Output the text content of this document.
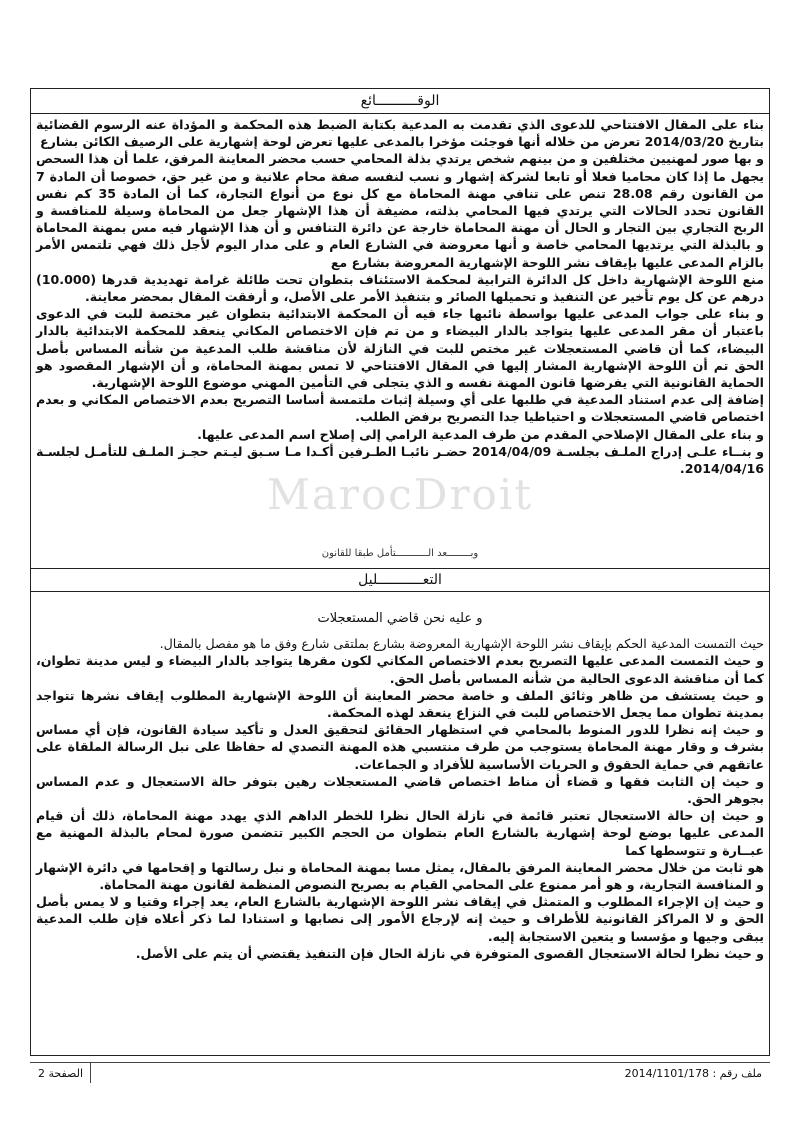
الوقــــــــــائع

بناء على المقال الافتتاحي للدعوى الذي تقدمت به المدعية بكتابة الضبط هذه المحكمة و المؤداة عنه الرسوم القضائية بتاريخ 2014/03/20 تعرض من خلاله أنها فوجئت مؤخرا بالمدعى عليها تعرض لوحة إشهارية على الرصيف الكائن بشارع

و بها صور لمهنيين مختلفين و من بينهم شخص يرتدي بذلة المحامي حسب محضر المعاينة المرفق، علما أن هذا السحص يجهل ما إذا كان محاميا فعلا أو تابعا لشركة إشهار و نسب لنفسه صفة محام علانية و من غير حق، خصوصا أن المادة 7 من القانون رقم 28.08 تنص على تنافي مهنة المحاماة مع كل نوع من أنواع التجارة، كما أن المادة 35 كم نفس القانون تحدد الحالات التي يرتدي فيها المحامي بذلته، مضيفة أن هذا الإشهار جعل من المحاماة وسيلة للمنافسة و الربح التجاري بين التجار و الحال أن مهنة المحاماة خارجة عن دائرة التنافس و أن هذا الإشهار فيه مس بمهنة المحاماة و بالبذلة التي يرتديها المحامي خاصة و أنها معروضة في الشارع العام و على مدار اليوم لأجل ذلك فهي تلتمس الأمر بالزام المدعى عليها بإيقاف نشر اللوحة الإشهارية المعروضة بشارع مع

منع اللوحة الإشهارية داخل كل الدائرة الترابية لمحكمة الاستئناف بتطوان تحت طائلة غرامة تهديدية قدرها (10.000) درهم عن كل يوم تأخير عن التنفيذ و تحميلها الصائر و بتنفيذ الأمر على الأصل، و أرفقت المقال بمحضر معاينة.

و بناء على جواب المدعى عليها بواسطة نائبها جاء فيه أن المحكمة الابتدائية بتطوان غير مختصة للبت في الدعوى باعتبار أن مقر المدعى عليها يتواجد بالدار البيضاء و من تم فإن الاختصاص المكاني ينعقد للمحكمة الابتدائية بالدار البيضاء، كما أن قاضي المستعجلات غير مختص للبت في النازلة لأن مناقشة طلب المدعية من شأنه المساس بأصل الحق تم أن اللوحة الإشهارية المشار إليها في المقال الافتتاحي لا تمس بمهنة المحاماة، و أن الإشهار المقصود هو الحماية القانونية التي يفرضها قانون المهنة نفسه و الذي يتجلى في التأمين المهني موضوع اللوحة الإشهارية.

إضافة إلى عدم استناد المدعية في طلبها على أي وسيلة إثبات ملتمسة أساسا التصريح بعدم الاختصاص المكاني و بعدم اختصاص قاضي المستعجلات و احتياطيا جدا التصريح برفض الطلب.

و بناء على المقال الإصلاحي المقدم من طرف المدعية الرامي إلى إصلاح اسم المدعى عليها.

و بنــاء علـى إدراج الملـف بجلسـة 2014/04/09 حضـر نائبـا الطـرفين أكـدا مـا سـبق ليـتم حجـز الملـف للتأمـل لجلسـة 2014/04/16.

MarocDroit
وبــــــــعد الـــــــــــتأمل طبقا للقانون
التعـــــــــــليل

و عليه نحن قاضي المستعجلات

حيث التمست المدعية الحكم بإيقاف نشر اللوحة الإشهارية المعروضة بشارع بملتقى شارع وفق ما هو مفصل بالمقال.

و حيث التمست المدعى عليها التصريح بعدم الاختصاص المكاني لكون مقرها يتواجد بالدار البيضاء و ليس مدينة تطوان، كما أن مناقشة الدعوى الحالية من شأنه المساس بأصل الحق.

و حيث يستشف من ظاهر وثائق الملف و خاصة محضر المعاينة أن اللوحة الإشهارية المطلوب إيقاف نشرها تتواجد بمدينة تطوان مما يجعل الاختصاص للبت في النزاع ينعقد لهذه المحكمة.

و حيث إنه نظرا للدور المنوط بالمحامي في استظهار الحقائق لتحقيق العدل و تأكيد سيادة القانون، فإن أي مساس بشرف و وقار مهنة المحاماة يستوجب من طرف منتسبي هذه المهنة التصدي له حفاظا على نبل الرسالة الملقاة على عاتقهم في حماية الحقوق و الحريات الأساسية للأفراد و الجماعات.

و حيث إن الثابت فقها و قضاء أن مناط اختصاص قاضي المستعجلات رهين بتوفر حالة الاستعجال و عدم المساس بجوهر الحق.

و حيث إن حالة الاستعجال تعتبر قائمة في نازلة الحال نظرا للخطر الداهم الذي يهدد مهنة المحاماة، ذلك أن قيام المدعى عليها بوضع لوحة إشهارية بالشارع العام بتطوان من الحجم الكبير تتضمن صورة لمحام بالبذلة المهنية مع عبــارة و تتوسطها كما

هو ثابت من خلال محضر المعاينة المرفق بالمقال، يمثل مسا بمهنة المحاماة و نبل رسالتها و إقحامها في دائرة الإشهار و المنافسة التجارية، و هو أمر ممنوع على المحامي القيام به بصريح النصوص المنظمة لقانون مهنة المحاماة.

و حيث إن الإجراء المطلوب و المتمثل في إيقاف نشر اللوحة الإشهارية بالشارع العام، يعد إجراء وقتيا و لا يمس بأصل الحق و لا المراكز القانونية للأطراف و حيث إنه لإرجاع الأمور إلى نصابها و استنادا لما ذكر أعلاه فإن طلب المدعية يبقى وجيها و مؤسسا و يتعين الاستجابة إليه.

و حيث نظرا لحالة الاستعجال القصوى المتوفرة في نازلة الحال فإن التنفيذ يقتضي أن يتم على الأصل.

الصفحة 2	ملف رقم : 2014/1101/178
